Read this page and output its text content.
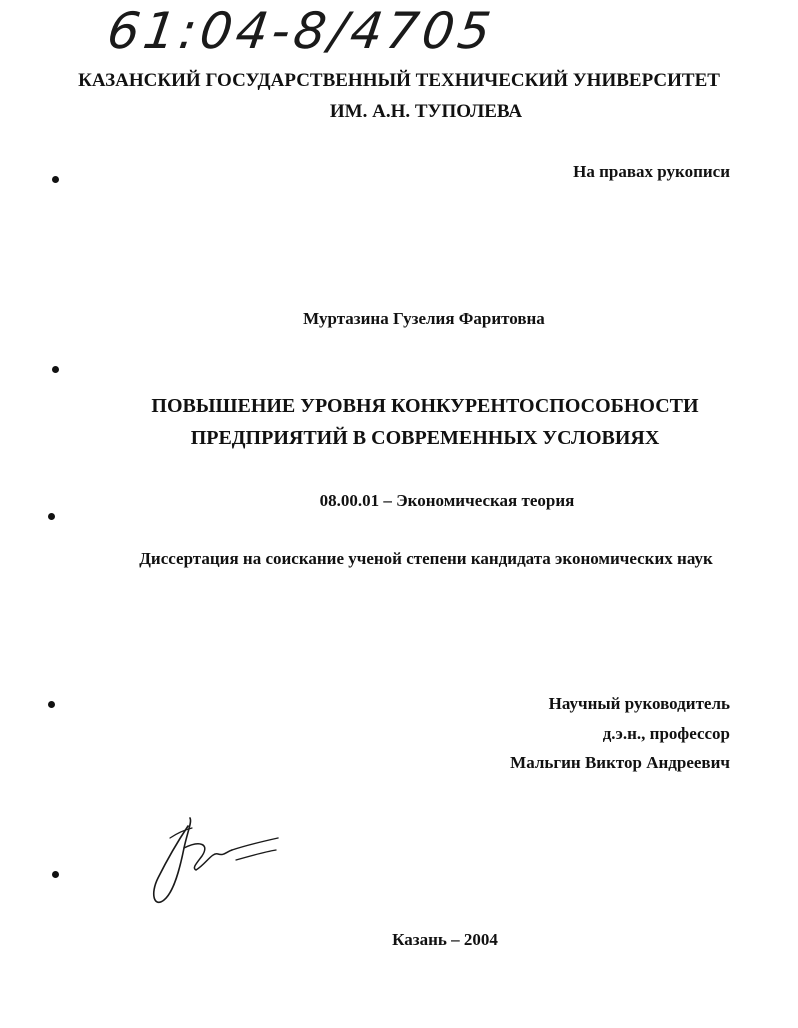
61:04-8/4705
КАЗАНСКИЙ ГОСУДАРСТВЕННЫЙ ТЕХНИЧЕСКИЙ УНИВЕРСИТЕТ
ИМ. А.Н. ТУПОЛЕВА
На правах рукописи
Муртазина Гузелия Фаритовна
ПОВЫШЕНИЕ УРОВНЯ КОНКУРЕНТОСПОСОБНОСТИ
ПРЕДПРИЯТИЙ В СОВРЕМЕННЫХ УСЛОВИЯХ
08.00.01 – Экономическая теория
Диссертация на соискание ученой степени кандидата экономических наук
Научный руководитель
д.э.н., профессор
Мальгин Виктор Андреевич
Казань – 2004
